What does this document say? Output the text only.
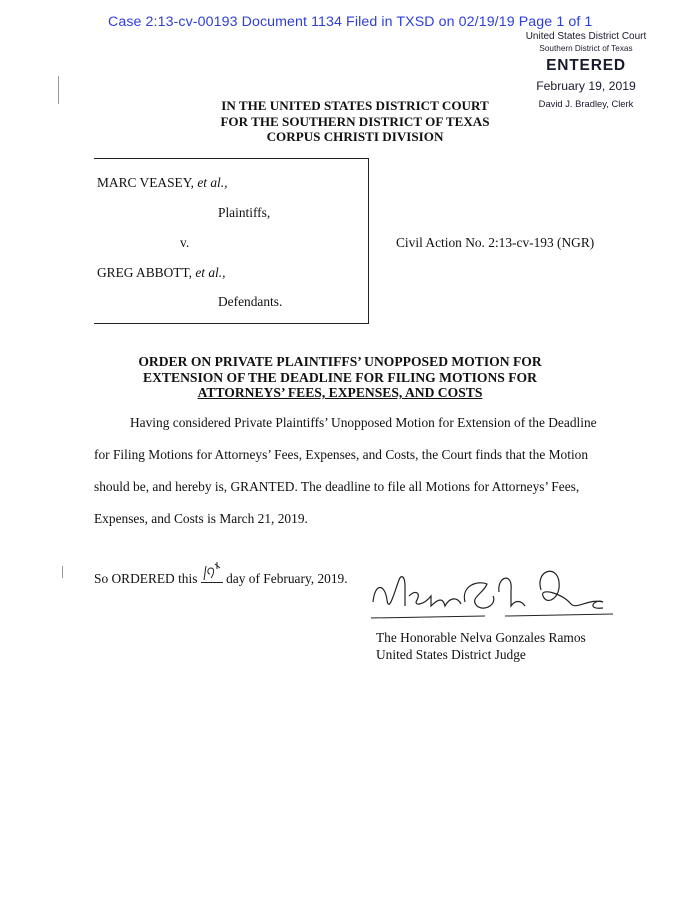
Case 2:13-cv-00193 Document 1134 Filed in TXSD on 02/19/19 Page 1 of 1
United States District Court
Southern District of Texas
ENTERED
February 19, 2019
David J. Bradley, Clerk
IN THE UNITED STATES DISTRICT COURT
FOR THE SOUTHERN DISTRICT OF TEXAS
CORPUS CHRISTI DIVISION
MARC VEASEY, et al.,
Plaintiffs,
v.
GREG ABBOTT, et al.,
Defendants.
Civil Action No. 2:13-cv-193 (NGR)
ORDER ON PRIVATE PLAINTIFFS’ UNOPPOSED MOTION FOR
EXTENSION OF THE DEADLINE FOR FILING MOTIONS FOR
ATTORNEYS’ FEES, EXPENSES, AND COSTS
Having considered Private Plaintiffs’ Unopposed Motion for Extension of the Deadline
for Filing Motions for Attorneys’ Fees, Expenses, and Costs, the Court finds that the Motion
should be, and hereby is, GRANTED. The deadline to file all Motions for Attorneys’ Fees,
Expenses, and Costs is March 21, 2019.
So ORDERED this
day of February, 2019.
The Honorable Nelva Gonzales Ramos
United States District Judge
